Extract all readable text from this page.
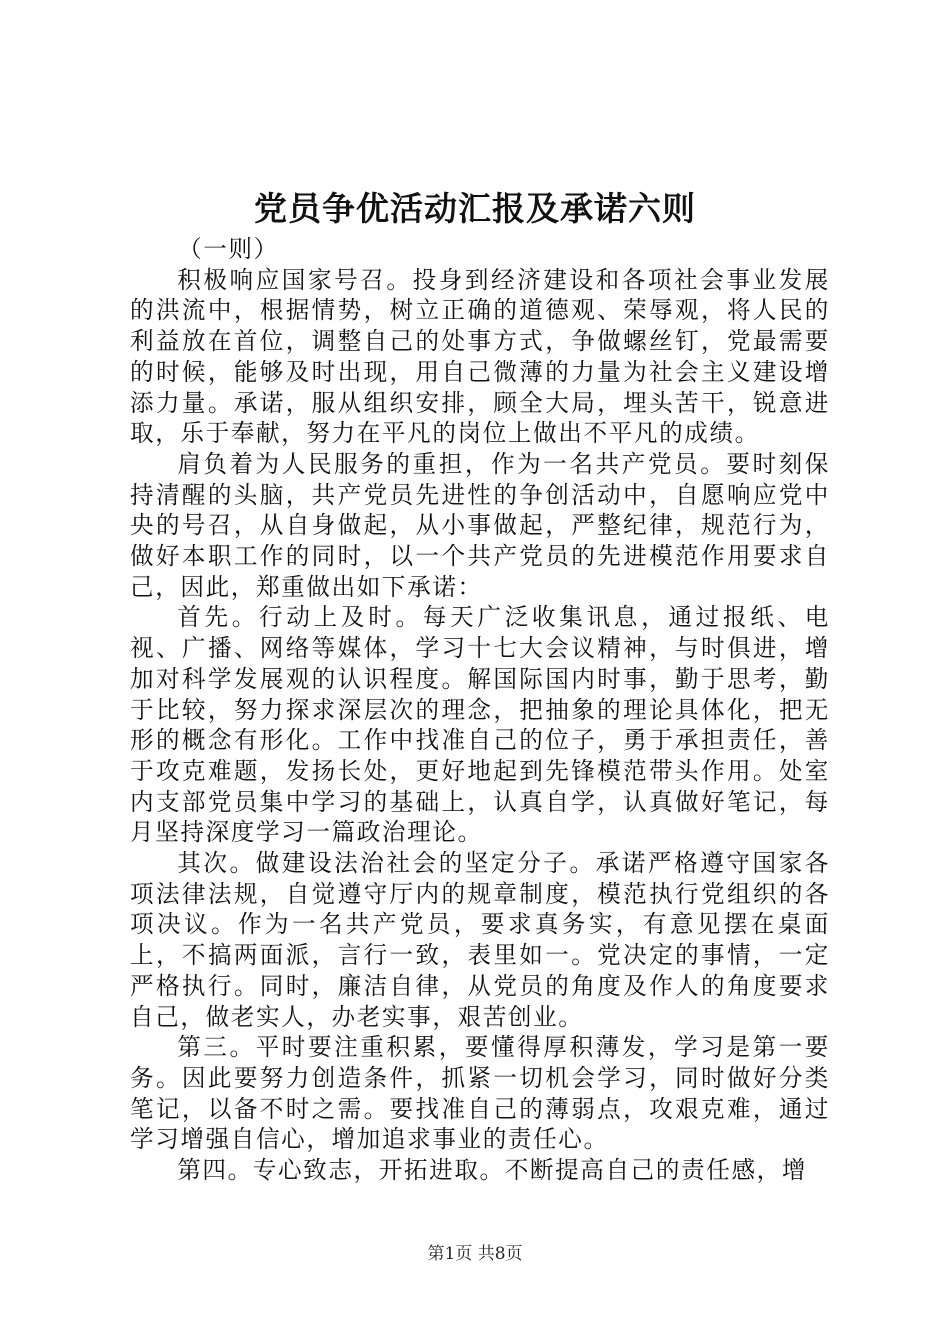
党员争优活动汇报及承诺六则

（一则）

积极响应国家号召。投身到经济建设和各项社会事业发展的洪流中，根据情势，树立正确的道德观、荣辱观，将人民的利益放在首位，调整自己的处事方式，争做螺丝钉，党最需要的时候，能够及时出现，用自己微薄的力量为社会主义建设增添力量。承诺，服从组织安排，顾全大局，埋头苦干，锐意进取，乐于奉献，努力在平凡的岗位上做出不平凡的成绩。

肩负着为人民服务的重担，作为一名共产党员。要时刻保持清醒的头脑，共产党员先进性的争创活动中，自愿响应党中央的号召，从自身做起，从小事做起，严整纪律，规范行为，做好本职工作的同时，以一个共产党员的先进模范作用要求自己，因此，郑重做出如下承诺：

首先。行动上及时。每天广泛收集讯息，通过报纸、电视、广播、网络等媒体，学习十七大会议精神，与时俱进，增加对科学发展观的认识程度。解国际国内时事，勤于思考，勤于比较，努力探求深层次的理念，把抽象的理论具体化，把无形的概念有形化。工作中找准自己的位子，勇于承担责任，善于攻克难题，发扬长处，更好地起到先锋模范带头作用。处室内支部党员集中学习的基础上，认真自学，认真做好笔记，每月坚持深度学习一篇政治理论。

其次。做建设法治社会的坚定分子。承诺严格遵守国家各项法律法规，自觉遵守厅内的规章制度，模范执行党组织的各项决议。作为一名共产党员，要求真务实，有意见摆在桌面上，不搞两面派，言行一致，表里如一。党决定的事情，一定严格执行。同时，廉洁自律，从党员的角度及作人的角度要求自己，做老实人，办老实事，艰苦创业。

第三。平时要注重积累，要懂得厚积薄发，学习是第一要务。因此要努力创造条件，抓紧一切机会学习，同时做好分类笔记，以备不时之需。要找准自己的薄弱点，攻艰克难，通过学习增强自信心，增加追求事业的责任心。

第四。专心致志，开拓进取。不断提高自己的责任感，增

第1页 共8页
